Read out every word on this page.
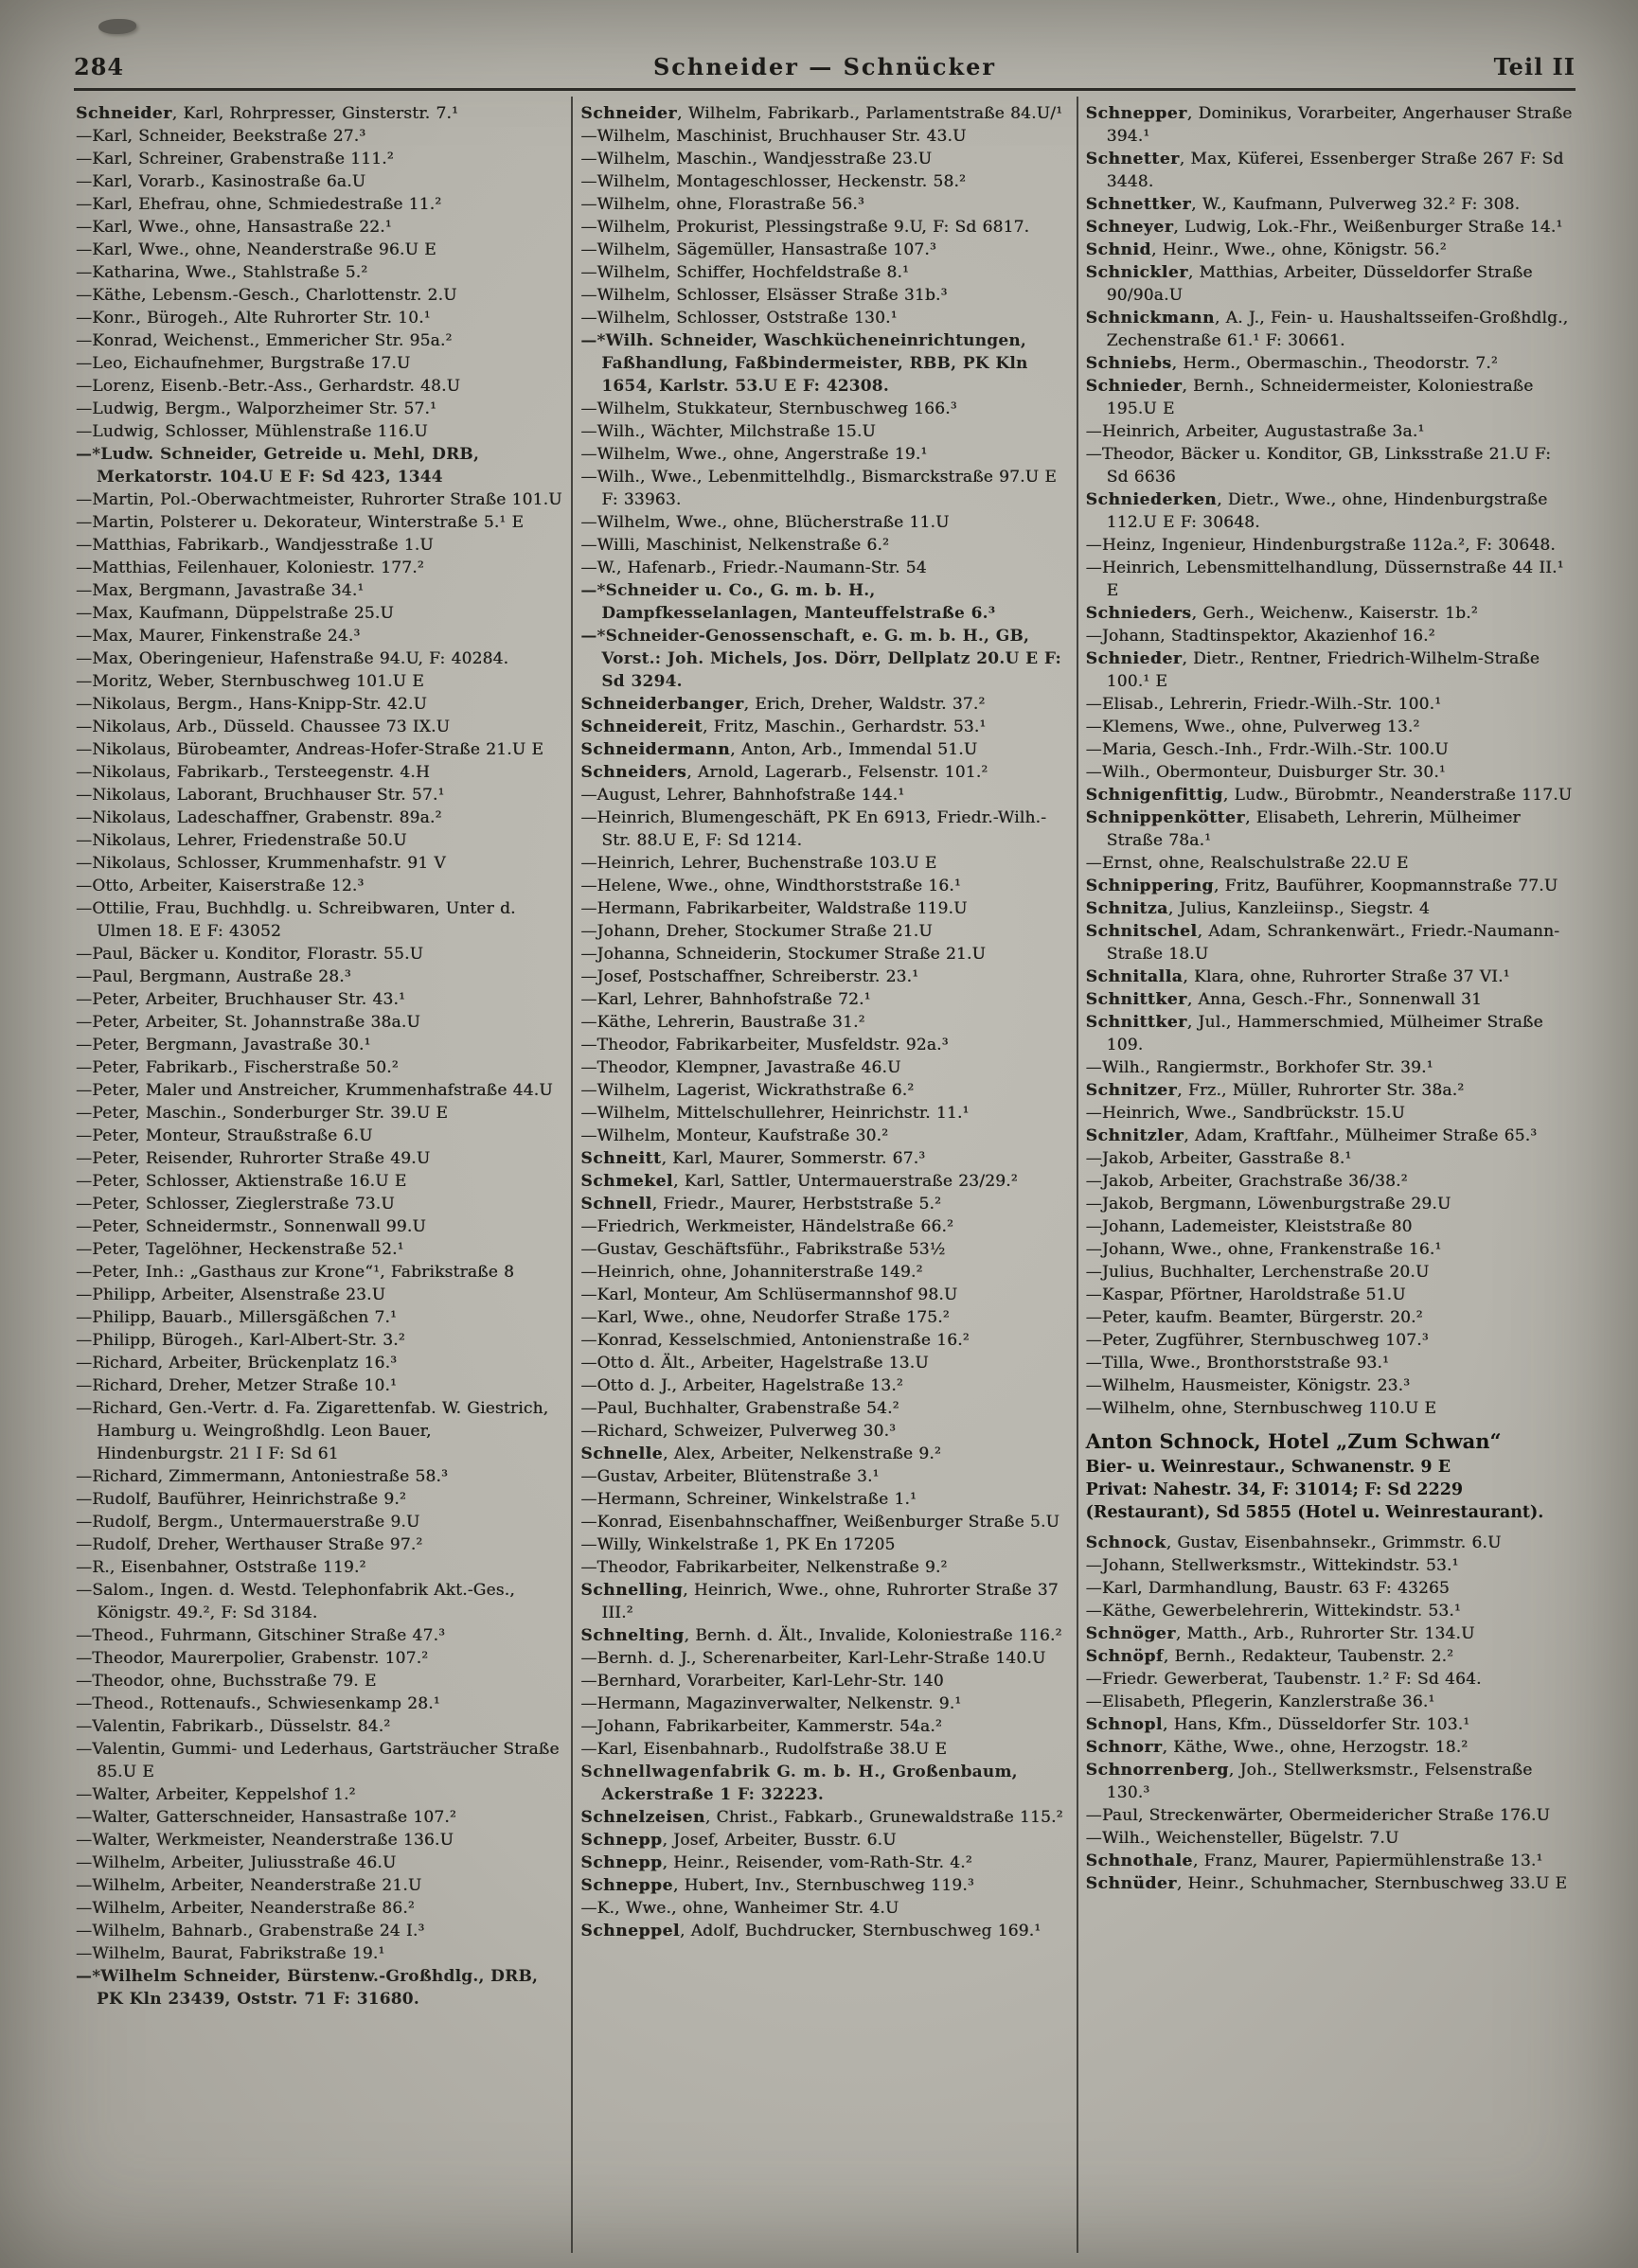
284	Schneider — Schnücker	Teil II

Schneider, Karl, Rohrpresser, Ginsterstr. 7.¹

—Karl, Schneider, Beekstraße 27.³

—Karl, Schreiner, Grabenstraße 111.²

—Karl, Vorarb., Kasinostraße 6a.U

—Karl, Ehefrau, ohne, Schmiedestraße 11.²

—Karl, Wwe., ohne, Hansastraße 22.¹

—Karl, Wwe., ohne, Neanderstraße 96.U E

—Katharina, Wwe., Stahlstraße 5.²

—Käthe, Lebensm.-Gesch., Charlottenstr. 2.U

—Konr., Bürogeh., Alte Ruhrorter Str. 10.¹

—Konrad, Weichenst., Emmericher Str. 95a.²

—Leo, Eichaufnehmer, Burgstraße 17.U

—Lorenz, Eisenb.-Betr.-Ass., Gerhardstr. 48.U

—Ludwig, Bergm., Walporzheimer Str. 57.¹

—Ludwig, Schlosser, Mühlenstraße 116.U

—*Ludw. Schneider, Getreide u. Mehl, DRB, Merkatorstr. 104.U E F: Sd 423, 1344

—Martin, Pol.-Oberwachtmeister, Ruhrorter Straße 101.U

—Martin, Polsterer u. Dekorateur, Winterstraße 5.¹ E

—Matthias, Fabrikarb., Wandjesstraße 1.U

—Matthias, Feilenhauer, Koloniestr. 177.²

—Max, Bergmann, Javastraße 34.¹

—Max, Kaufmann, Düppelstraße 25.U

—Max, Maurer, Finkenstraße 24.³

—Max, Oberingenieur, Hafenstraße 94.U, F: 40284.

—Moritz, Weber, Sternbuschweg 101.U E

—Nikolaus, Bergm., Hans-Knipp-Str. 42.U

—Nikolaus, Arb., Düsseld. Chaussee 73 IX.U

—Nikolaus, Bürobeamter, Andreas-Hofer-Straße 21.U E

—Nikolaus, Fabrikarb., Tersteegenstr. 4.H

—Nikolaus, Laborant, Bruchhauser Str. 57.¹

—Nikolaus, Ladeschaffner, Grabenstr. 89a.²

—Nikolaus, Lehrer, Friedenstraße 50.U

—Nikolaus, Schlosser, Krummenhafstr. 91 V

—Otto, Arbeiter, Kaiserstraße 12.³

—Ottilie, Frau, Buchhdlg. u. Schreibwaren, Unter d. Ulmen 18. E F: 43052

—Paul, Bäcker u. Konditor, Florastr. 55.U

—Paul, Bergmann, Austraße 28.³

—Peter, Arbeiter, Bruchhauser Str. 43.¹

—Peter, Arbeiter, St. Johannstraße 38a.U

—Peter, Bergmann, Javastraße 30.¹

—Peter, Fabrikarb., Fischerstraße 50.²

—Peter, Maler und Anstreicher, Krummenhafstraße 44.U

—Peter, Maschin., Sonderburger Str. 39.U E

—Peter, Monteur, Straußstraße 6.U

—Peter, Reisender, Ruhrorter Straße 49.U

—Peter, Schlosser, Aktienstraße 16.U E

—Peter, Schlosser, Zieglerstraße 73.U

—Peter, Schneidermstr., Sonnenwall 99.U

—Peter, Tagelöhner, Heckenstraße 52.¹

—Peter, Inh.: „Gasthaus zur Krone“¹, Fabrikstraße 8

—Philipp, Arbeiter, Alsenstraße 23.U

—Philipp, Bauarb., Millersgäßchen 7.¹

—Philipp, Bürogeh., Karl-Albert-Str. 3.²

—Richard, Arbeiter, Brückenplatz 16.³

—Richard, Dreher, Metzer Straße 10.¹

—Richard, Gen.-Vertr. d. Fa. Zigarettenfab. W. Giestrich, Hamburg u. Weingroßhdlg. Leon Bauer, Hindenburgstr. 21 I F: Sd 61

—Richard, Zimmermann, Antoniestraße 58.³

—Rudolf, Bauführer, Heinrichstraße 9.²

—Rudolf, Bergm., Untermauerstraße 9.U

—Rudolf, Dreher, Werthauser Straße 97.²

—R., Eisenbahner, Oststraße 119.²

—Salom., Ingen. d. Westd. Telephonfabrik Akt.-Ges., Königstr. 49.², F: Sd 3184.

—Theod., Fuhrmann, Gitschiner Straße 47.³

—Theodor, Maurerpolier, Grabenstr. 107.²

—Theodor, ohne, Buchsstraße 79. E

—Theod., Rottenaufs., Schwiesenkamp 28.¹

—Valentin, Fabrikarb., Düsselstr. 84.²

—Valentin, Gummi- und Lederhaus, Gartsträucher Straße 85.U E

—Walter, Arbeiter, Keppelshof 1.²

—Walter, Gatterschneider, Hansastraße 107.²

—Walter, Werkmeister, Neanderstraße 136.U

—Wilhelm, Arbeiter, Juliusstraße 46.U

—Wilhelm, Arbeiter, Neanderstraße 21.U

—Wilhelm, Arbeiter, Neanderstraße 86.²

—Wilhelm, Bahnarb., Grabenstraße 24 I.³

—Wilhelm, Baurat, Fabrikstraße 19.¹

—*Wilhelm Schneider, Bürstenw.-Großhdlg., DRB, PK Kln 23439, Oststr. 71 F: 31680.

Schneider, Wilhelm, Fabrikarb., Parlamentstraße 84.U/¹

—Wilhelm, Maschinist, Bruchhauser Str. 43.U

—Wilhelm, Maschin., Wandjesstraße 23.U

—Wilhelm, Montageschlosser, Heckenstr. 58.²

—Wilhelm, ohne, Florastraße 56.³

—Wilhelm, Prokurist, Plessingstraße 9.U, F: Sd 6817.

—Wilhelm, Sägemüller, Hansastraße 107.³

—Wilhelm, Schiffer, Hochfeldstraße 8.¹

—Wilhelm, Schlosser, Elsässer Straße 31b.³

—Wilhelm, Schlosser, Oststraße 130.¹

—*Wilh. Schneider, Waschkücheneinrichtungen, Faßhandlung, Faßbindermeister, RBB, PK Kln 1654, Karlstr. 53.U E F: 42308.

—Wilhelm, Stukkateur, Sternbuschweg 166.³

—Wilh., Wächter, Milchstraße 15.U

—Wilhelm, Wwe., ohne, Angerstraße 19.¹

—Wilh., Wwe., Lebenmittelhdlg., Bismarckstraße 97.U E F: 33963.

—Wilhelm, Wwe., ohne, Blücherstraße 11.U

—Willi, Maschinist, Nelkenstraße 6.²

—W., Hafenarb., Friedr.-Naumann-Str. 54

—*Schneider u. Co., G. m. b. H., Dampfkesselanlagen, Manteuffelstraße 6.³

—*Schneider-Genossenschaft, e. G. m. b. H., GB, Vorst.: Joh. Michels, Jos. Dörr, Dellplatz 20.U E F: Sd 3294.

Schneiderbanger, Erich, Dreher, Waldstr. 37.²

Schneidereit, Fritz, Maschin., Gerhardstr. 53.¹

Schneidermann, Anton, Arb., Immendal 51.U

Schneiders, Arnold, Lagerarb., Felsenstr. 101.²

—August, Lehrer, Bahnhofstraße 144.¹

—Heinrich, Blumengeschäft, PK En 6913, Friedr.-Wilh.-Str. 88.U E, F: Sd 1214.

—Heinrich, Lehrer, Buchenstraße 103.U E

—Helene, Wwe., ohne, Windthorststraße 16.¹

—Hermann, Fabrikarbeiter, Waldstraße 119.U

—Johann, Dreher, Stockumer Straße 21.U

—Johanna, Schneiderin, Stockumer Straße 21.U

—Josef, Postschaffner, Schreiberstr. 23.¹

—Karl, Lehrer, Bahnhofstraße 72.¹

—Käthe, Lehrerin, Baustraße 31.²

—Theodor, Fabrikarbeiter, Musfeldstr. 92a.³

—Theodor, Klempner, Javastraße 46.U

—Wilhelm, Lagerist, Wickrathstraße 6.²

—Wilhelm, Mittelschullehrer, Heinrichstr. 11.¹

—Wilhelm, Monteur, Kaufstraße 30.²

Schneitt, Karl, Maurer, Sommerstr. 67.³

Schmekel, Karl, Sattler, Untermauerstraße 23/29.²

Schnell, Friedr., Maurer, Herbststraße 5.²

—Friedrich, Werkmeister, Händelstraße 66.²

—Gustav, Geschäftsführ., Fabrikstraße 53½

—Heinrich, ohne, Johanniterstraße 149.²

—Karl, Monteur, Am Schlüsermannshof 98.U

—Karl, Wwe., ohne, Neudorfer Straße 175.²

—Konrad, Kesselschmied, Antonienstraße 16.²

—Otto d. Ält., Arbeiter, Hagelstraße 13.U

—Otto d. J., Arbeiter, Hagelstraße 13.²

—Paul, Buchhalter, Grabenstraße 54.²

—Richard, Schweizer, Pulverweg 30.³

Schnelle, Alex, Arbeiter, Nelkenstraße 9.²

—Gustav, Arbeiter, Blütenstraße 3.¹

—Hermann, Schreiner, Winkelstraße 1.¹

—Konrad, Eisenbahnschaffner, Weißenburger Straße 5.U

—Willy, Winkelstraße 1, PK En 17205

—Theodor, Fabrikarbeiter, Nelkenstraße 9.²

Schnelling, Heinrich, Wwe., ohne, Ruhrorter Straße 37 III.²

Schnelting, Bernh. d. Ält., Invalide, Koloniestraße 116.²

—Bernh. d. J., Scherenarbeiter, Karl-Lehr-Straße 140.U

—Bernhard, Vorarbeiter, Karl-Lehr-Str. 140

—Hermann, Magazinverwalter, Nelkenstr. 9.¹

—Johann, Fabrikarbeiter, Kammerstr. 54a.²

—Karl, Eisenbahnarb., Rudolfstraße 38.U E

Schnellwagenfabrik G. m. b. H., Großenbaum, Ackerstraße 1 F: 32223.

Schnelzeisen, Christ., Fabkarb., Grunewaldstraße 115.²

Schnepp, Josef, Arbeiter, Busstr. 6.U

Schnepp, Heinr., Reisender, vom-Rath-Str. 4.²

Schneppe, Hubert, Inv., Sternbuschweg 119.³

—K., Wwe., ohne, Wanheimer Str. 4.U

Schneppel, Adolf, Buchdrucker, Sternbuschweg 169.¹

Schnepper, Dominikus, Vorarbeiter, Angerhauser Straße 394.¹

Schnetter, Max, Küferei, Essenberger Straße 267 F: Sd 3448.

Schnettker, W., Kaufmann, Pulverweg 32.² F: 308.

Schneyer, Ludwig, Lok.-Fhr., Weißenburger Straße 14.¹

Schnid, Heinr., Wwe., ohne, Königstr. 56.²

Schnickler, Matthias, Arbeiter, Düsseldorfer Straße 90/90a.U

Schnickmann, A. J., Fein- u. Haushaltsseifen-Großhdlg., Zechenstraße 61.¹ F: 30661.

Schniebs, Herm., Obermaschin., Theodorstr. 7.²

Schnieder, Bernh., Schneidermeister, Koloniestraße 195.U E

—Heinrich, Arbeiter, Augustastraße 3a.¹

—Theodor, Bäcker u. Konditor, GB, Linksstraße 21.U F: Sd 6636

Schniederken, Dietr., Wwe., ohne, Hindenburgstraße 112.U E F: 30648.

—Heinz, Ingenieur, Hindenburgstraße 112a.², F: 30648.

—Heinrich, Lebensmittelhandlung, Düssernstraße 44 II.¹ E

Schnieders, Gerh., Weichenw., Kaiserstr. 1b.²

—Johann, Stadtinspektor, Akazienhof 16.²

Schnieder, Dietr., Rentner, Friedrich-Wilhelm-Straße 100.¹ E

—Elisab., Lehrerin, Friedr.-Wilh.-Str. 100.¹

—Klemens, Wwe., ohne, Pulverweg 13.²

—Maria, Gesch.-Inh., Frdr.-Wilh.-Str. 100.U

—Wilh., Obermonteur, Duisburger Str. 30.¹

Schnigenfittig, Ludw., Bürobmtr., Neanderstraße 117.U

Schnippenkötter, Elisabeth, Lehrerin, Mülheimer Straße 78a.¹

—Ernst, ohne, Realschulstraße 22.U E

Schnippering, Fritz, Bauführer, Koopmannstraße 77.U

Schnitza, Julius, Kanzleiinsp., Siegstr. 4

Schnitschel, Adam, Schrankenwärt., Friedr.-Naumann-Straße 18.U

Schnitalla, Klara, ohne, Ruhrorter Straße 37 VI.¹

Schnittker, Anna, Gesch.-Fhr., Sonnenwall 31

Schnittker, Jul., Hammerschmied, Mülheimer Straße 109.

—Wilh., Rangiermstr., Borkhofer Str. 39.¹

Schnitzer, Frz., Müller, Ruhrorter Str. 38a.²

—Heinrich, Wwe., Sandbrückstr. 15.U

Schnitzler, Adam, Kraftfahr., Mülheimer Straße 65.³

—Jakob, Arbeiter, Gasstraße 8.¹

—Jakob, Arbeiter, Grachstraße 36/38.²

—Jakob, Bergmann, Löwenburgstraße 29.U

—Johann, Lademeister, Kleiststraße 80

—Johann, Wwe., ohne, Frankenstraße 16.¹

—Julius, Buchhalter, Lerchenstraße 20.U

—Kaspar, Pförtner, Haroldstraße 51.U

—Peter, kaufm. Beamter, Bürgerstr. 20.²

—Peter, Zugführer, Sternbuschweg 107.³

—Tilla, Wwe., Bronthorststraße 93.¹

—Wilhelm, Hausmeister, Königstr. 23.³

—Wilhelm, ohne, Sternbuschweg 110.U E

Anton Schnock, Hotel „Zum Schwan“

Bier- u. Weinrestaur., Schwanenstr. 9 E

Privat: Nahestr. 34, F: 31014; F: Sd 2229

(Restaurant), Sd 5855 (Hotel u. Weinrestaurant).

Schnock, Gustav, Eisenbahnsekr., Grimmstr. 6.U

—Johann, Stellwerksmstr., Wittekindstr. 53.¹

—Karl, Darmhandlung, Baustr. 63 F: 43265

—Käthe, Gewerbelehrerin, Wittekindstr. 53.¹

Schnöger, Matth., Arb., Ruhrorter Str. 134.U

Schnöpf, Bernh., Redakteur, Taubenstr. 2.²

—Friedr. Gewerberat, Taubenstr. 1.² F: Sd 464.

—Elisabeth, Pflegerin, Kanzlerstraße 36.¹

Schnopl, Hans, Kfm., Düsseldorfer Str. 103.¹

Schnorr, Käthe, Wwe., ohne, Herzogstr. 18.²

Schnorrenberg, Joh., Stellwerksmstr., Felsenstraße 130.³

—Paul, Streckenwärter, Obermeidericher Straße 176.U

—Wilh., Weichensteller, Bügelstr. 7.U

Schnothale, Franz, Maurer, Papiermühlenstraße 13.¹

Schnüder, Heinr., Schuhmacher, Sternbuschweg 33.U E
